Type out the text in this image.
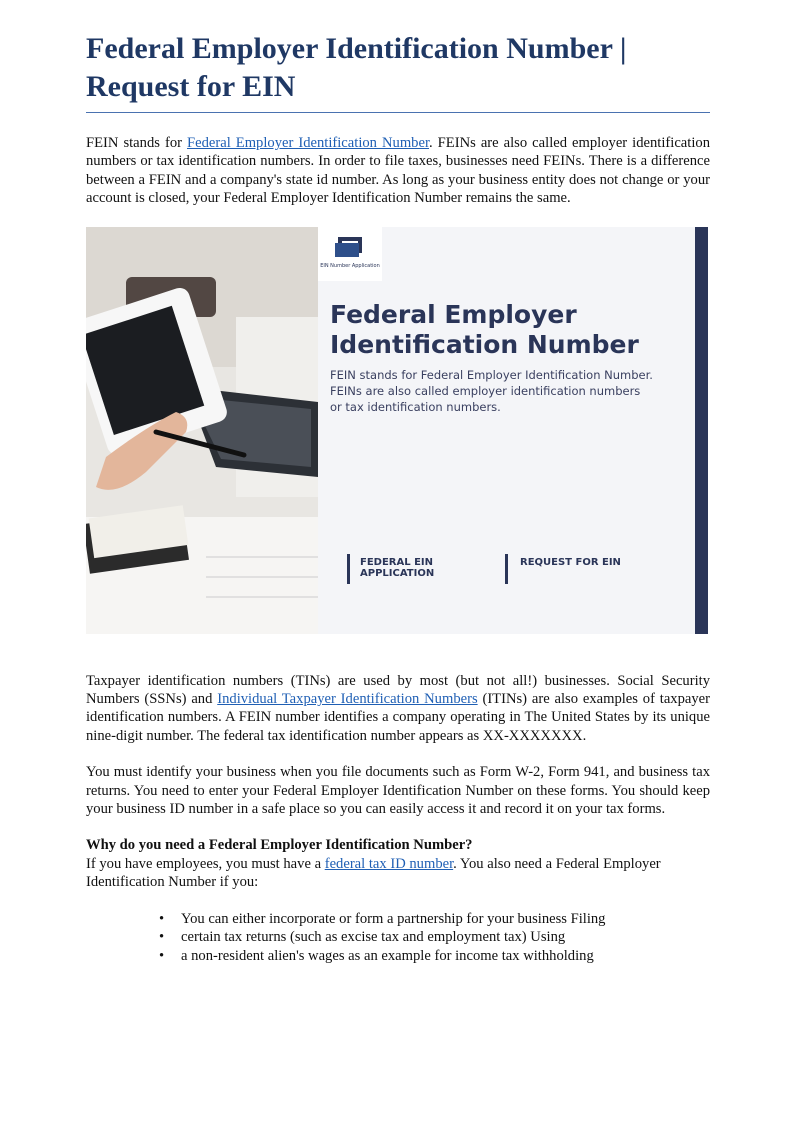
Federal Employer Identification Number | Request for EIN

FEIN stands for Federal Employer Identification Number. FEINs are also called employer identification numbers or tax identification numbers. In order to file taxes, businesses need FEINs. There is a difference between a FEIN and a company's state id number. As long as your business entity does not change or your account is closed, your Federal Employer Identification Number remains the same.

EIN Number Application
Federal Employer
Identification Number
FEIN stands for Federal Employer Identification Number.
FEINs are also called employer identification numbers
or tax identification numbers.
FEDERAL EIN
APPLICATION
REQUEST FOR EIN

Taxpayer identification numbers (TINs) are used by most (but not all!) businesses. Social Security Numbers (SSNs) and Individual Taxpayer Identification Numbers (ITINs) are also examples of taxpayer identification numbers. A FEIN number identifies a company operating in The United States by its unique nine-digit number. The federal tax identification number appears as XX-XXXXXXX.

You must identify your business when you file documents such as Form W-2, Form 941, and business tax returns. You need to enter your Federal Employer Identification Number on these forms. You should keep your business ID number in a safe place so you can easily access it and record it on your tax forms.

Why do you need a Federal Employer Identification Number?

If you have employees, you must have a federal tax ID number. You also need a Federal Employer Identification Number if you:

• You can either incorporate or form a partnership for your business Filing
• certain tax returns (such as excise tax and employment tax) Using
• a non-resident alien's wages as an example for income tax withholding
